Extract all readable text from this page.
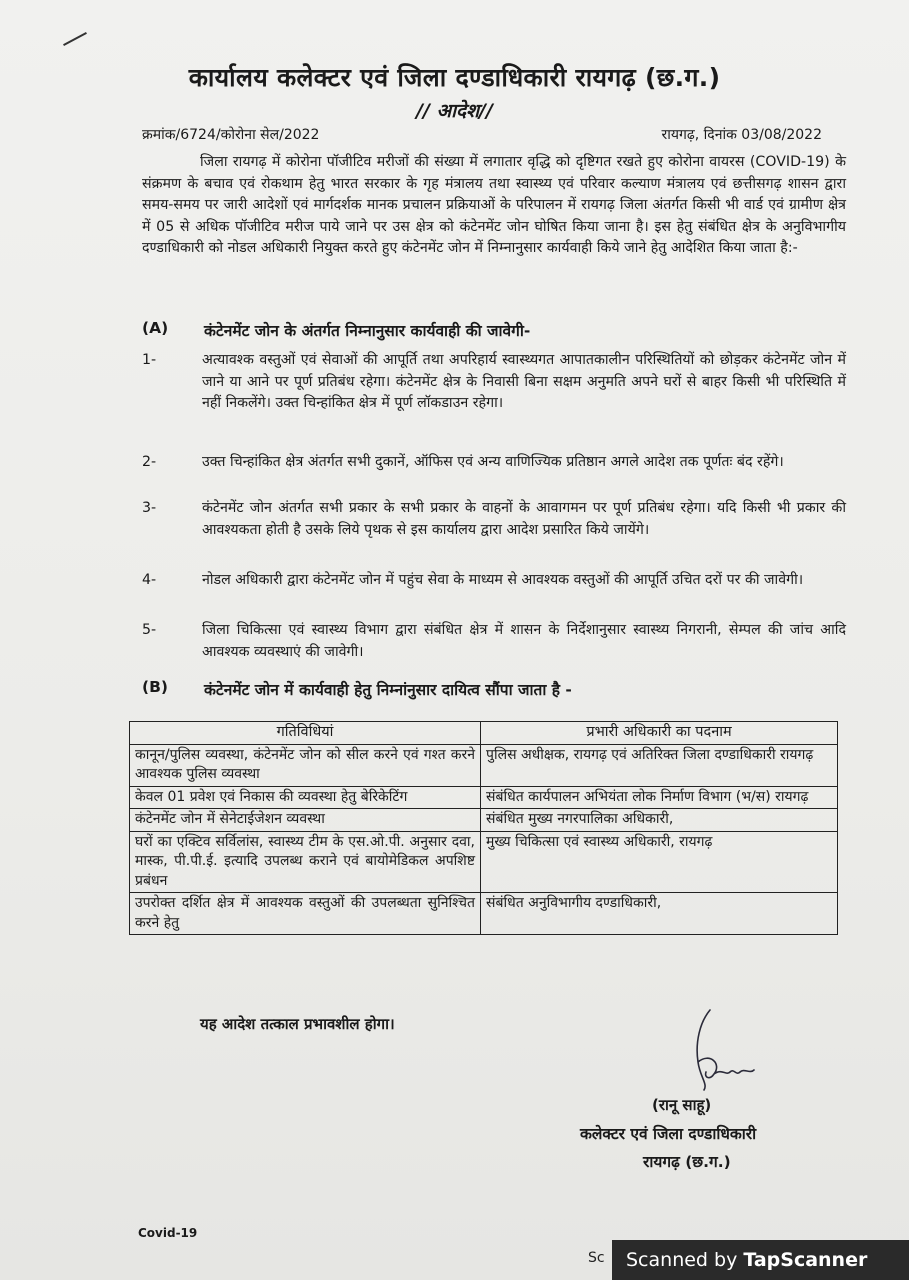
कार्यालय कलेक्टर एवं जिला दण्डाधिकारी रायगढ़ (छ.ग.)
// आदेश//
क्रमांक/6724/कोरोना सेल/2022	रायगढ़, दिनांक 03/08/2022

जिला रायगढ़ में कोरोना पॉजीटिव मरीजों की संख्या में लगातार वृद्धि को दृष्टिगत रखते हुए कोरोना वायरस (COVID-19) के संक्रमण के बचाव एवं रोकथाम हेतु भारत सरकार के गृह मंत्रालय तथा स्वास्थ्य एवं परिवार कल्याण मंत्रालय एवं छत्तीसगढ़ शासन द्वारा समय-समय पर जारी आदेशों एवं मार्गदर्शक मानक प्रचालन प्रक्रियाओं के परिपालन में रायगढ़ जिला अंतर्गत किसी भी वार्ड एवं ग्रामीण क्षेत्र में 05 से अधिक पॉजीटिव मरीज पाये जाने पर उस क्षेत्र को कंटेनमेंट जोन घोषित किया जाना है। इस हेतु संबंधित क्षेत्र के अनुविभागीय दण्डाधिकारी को नोडल अधिकारी नियुक्त करते हुए कंटेनमेंट जोन में निम्नानुसार कार्यवाही किये जाने हेतु आदेशित किया जाता है:-

(A) कंटेनमेंट जोन के अंतर्गत निम्नानुसार कार्यवाही की जावेगी-
1-	अत्यावश्क वस्तुओं एवं सेवाओं की आपूर्ति तथा अपरिहार्य स्वास्थ्यगत आपातकालीन परिस्थितियों को छोड़कर कंटेनमेंट जोन में जाने या आने पर पूर्ण प्रतिबंध रहेगा। कंटेनमेंट क्षेत्र के निवासी बिना सक्षम अनुमति अपने घरों से बाहर किसी भी परिस्थिति में नहीं निकलेंगे। उक्त चिन्हांकित क्षेत्र में पूर्ण लॉकडाउन रहेगा।
2-	उक्त चिन्हांकित क्षेत्र अंतर्गत सभी दुकानें, ऑफिस एवं अन्य वाणिज्यिक प्रतिष्ठान अगले आदेश तक पूर्णतः बंद रहेंगे।
3-	कंटेनमेंट जोन अंतर्गत सभी प्रकार के सभी प्रकार के वाहनों के आवागमन पर पूर्ण प्रतिबंध रहेगा। यदि किसी भी प्रकार की आवश्यकता होती है उसके लिये पृथक से इस कार्यालय द्वारा आदेश प्रसारित किये जायेंगे।
4-	नोडल अधिकारी द्वारा कंटेनमेंट जोन में पहुंच सेवा के माध्यम से आवश्यक वस्तुओं की आपूर्ति उचित दरों पर की जावेगी।
5-	जिला चिकित्सा एवं स्वास्थ्य विभाग द्वारा संबंधित क्षेत्र में शासन के निर्देशानुसार स्वास्थ्य निगरानी, सेम्पल की जांच आदि आवश्यक व्यवस्थाएं की जावेगी।
(B) कंटेनमेंट जोन में कार्यवाही हेतु निम्नांनुसार दायित्व सौंपा जाता है -
गतिविधियां	प्रभारी अधिकारी का पदनाम
कानून/पुलिस व्यवस्था, कंटेनमेंट जोन को सील करने एवं गश्त करने आवश्यक पुलिस व्यवस्था	पुलिस अधीक्षक, रायगढ़ एवं अतिरिक्त जिला दण्डाधिकारी रायगढ़
केवल 01 प्रवेश एवं निकास की व्यवस्था हेतु बेरिकेटिंग	संबंधित कार्यपालन अभियंता लोक निर्माण विभाग (भ/स) रायगढ़
कंटेनमेंट जोन में सेनेटाईजेशन व्यवस्था	संबंधित मुख्य नगरपालिका अधिकारी,
घरों का एक्टिव सर्विलांस, स्वास्थ्य टीम के एस.ओ.पी. अनुसार दवा, मास्क, पी.पी.ई. इत्यादि उपलब्ध कराने एवं बायोमेडिकल अपशिष्ट प्रबंधन	मुख्य चिकित्सा एवं स्वास्थ्य अधिकारी, रायगढ़
उपरोक्त दर्शित क्षेत्र में आवश्यक वस्तुओं की उपलब्धता सुनिश्चित करने हेतु	संबंधित अनुविभागीय दण्डाधिकारी,
यह आदेश तत्काल प्रभावशील होगा।
(रानू साहू)
कलेक्टर एवं जिला दण्डाधिकारी
रायगढ़ (छ.ग.)
Covid-19
Sc Scanned by TapScanner
